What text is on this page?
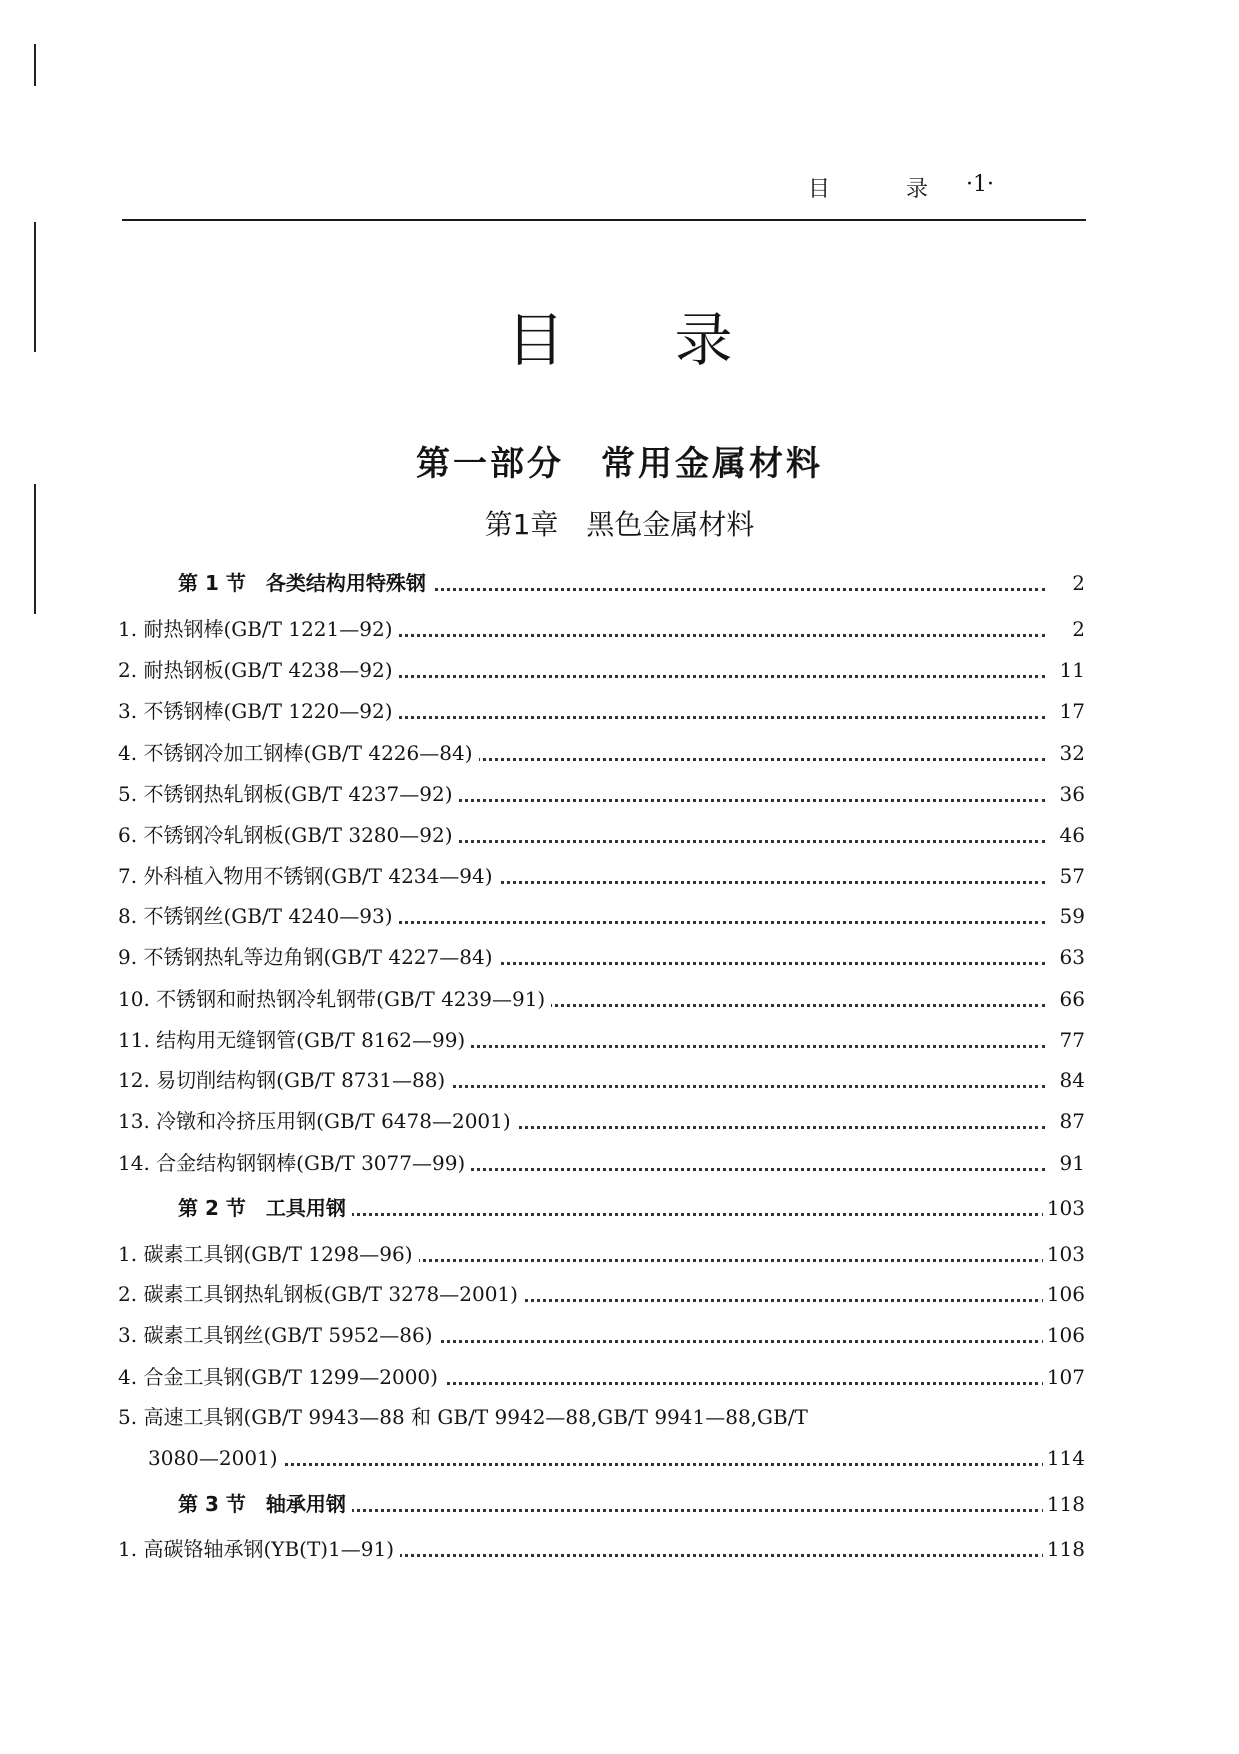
目	录 ·1·
目录
第一部分　常用金属材料
第1章　黑色金属材料
第 1 节　各类结构用特殊钢	2
1. 耐热钢棒(GB/T 1221—92)	2
2. 耐热钢板(GB/T 4238—92)	11
3. 不锈钢棒(GB/T 1220—92)	17
4. 不锈钢冷加工钢棒(GB/T 4226—84)	32
5. 不锈钢热轧钢板(GB/T 4237—92)	36
6. 不锈钢冷轧钢板(GB/T 3280—92)	46
7. 外科植入物用不锈钢(GB/T 4234—94)	57
8. 不锈钢丝(GB/T 4240—93)	59
9. 不锈钢热轧等边角钢(GB/T 4227—84)	63
10. 不锈钢和耐热钢冷轧钢带(GB/T 4239—91)	66
11. 结构用无缝钢管(GB/T 8162—99)	77
12. 易切削结构钢(GB/T 8731—88)	84
13. 冷镦和冷挤压用钢(GB/T 6478—2001)	87
14. 合金结构钢钢棒(GB/T 3077—99)	91
第 2 节　工具用钢	103
1. 碳素工具钢(GB/T 1298—96)	103
2. 碳素工具钢热轧钢板(GB/T 3278—2001)	106
3. 碳素工具钢丝(GB/T 5952—86)	106
4. 合金工具钢(GB/T 1299—2000)	107
5. 高速工具钢(GB/T 9943—88 和 GB/T 9942—88,GB/T 9941—88,GB/T
3080—2001)	114
第 3 节　轴承用钢	118
1. 高碳铬轴承钢(YB(T)1—91)	118
